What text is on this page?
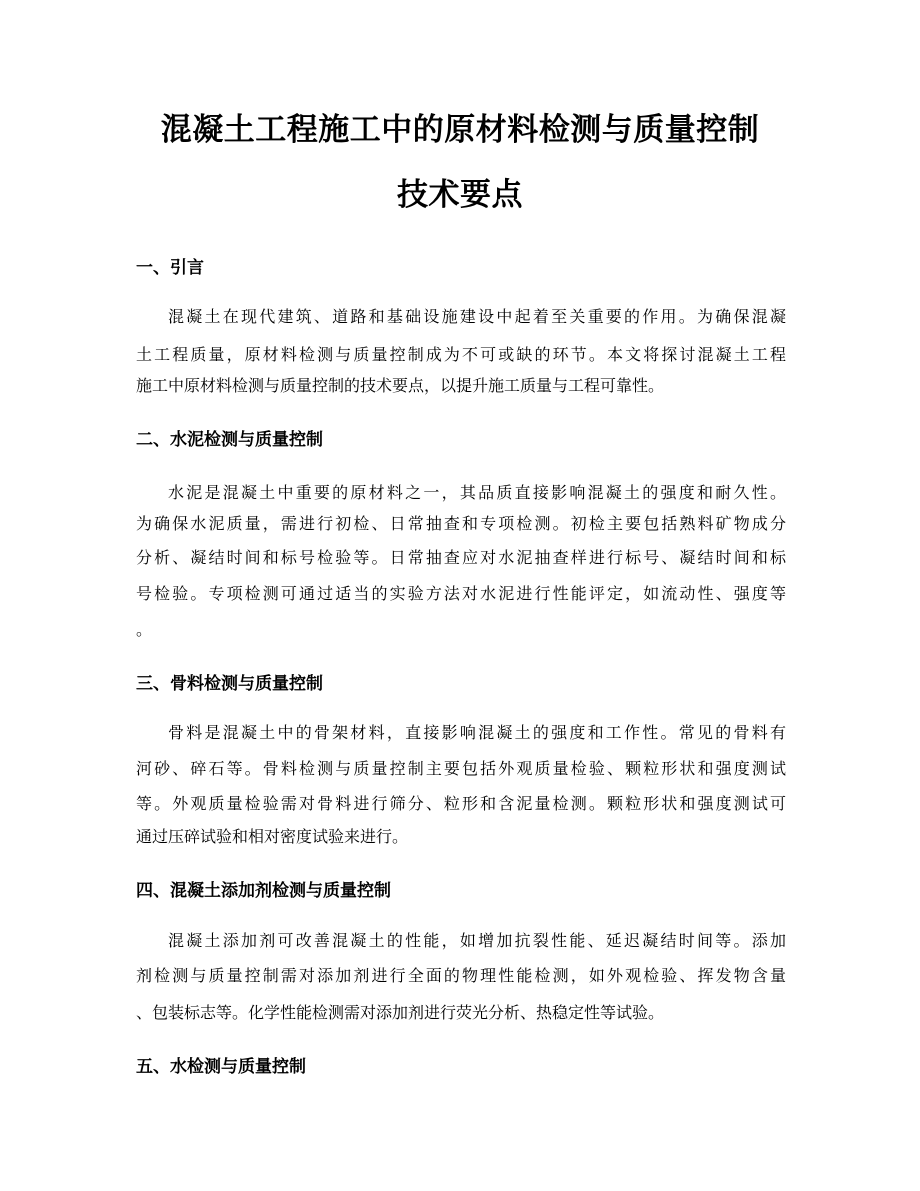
混凝土工程施工中的原材料检测与质量控制
技术要点
一、引言
混凝土在现代建筑、道路和基础设施建设中起着至关重要的作用。为确保混凝
土工程质量，原材料检测与质量控制成为不可或缺的环节。本文将探讨混凝土工程
施工中原材料检测与质量控制的技术要点，以提升施工质量与工程可靠性。
二、水泥检测与质量控制
水泥是混凝土中重要的原材料之一，其品质直接影响混凝土的强度和耐久性。
为确保水泥质量，需进行初检、日常抽查和专项检测。初检主要包括熟料矿物成分
分析、凝结时间和标号检验等。日常抽查应对水泥抽查样进行标号、凝结时间和标
号检验。专项检测可通过适当的实验方法对水泥进行性能评定，如流动性、强度等
。
三、骨料检测与质量控制
骨料是混凝土中的骨架材料，直接影响混凝土的强度和工作性。常见的骨料有
河砂、碎石等。骨料检测与质量控制主要包括外观质量检验、颗粒形状和强度测试
等。外观质量检验需对骨料进行筛分、粒形和含泥量检测。颗粒形状和强度测试可
通过压碎试验和相对密度试验来进行。
四、混凝土添加剂检测与质量控制
混凝土添加剂可改善混凝土的性能，如增加抗裂性能、延迟凝结时间等。添加
剂检测与质量控制需对添加剂进行全面的物理性能检测，如外观检验、挥发物含量
、包装标志等。化学性能检测需对添加剂进行荧光分析、热稳定性等试验。
五、水检测与质量控制
